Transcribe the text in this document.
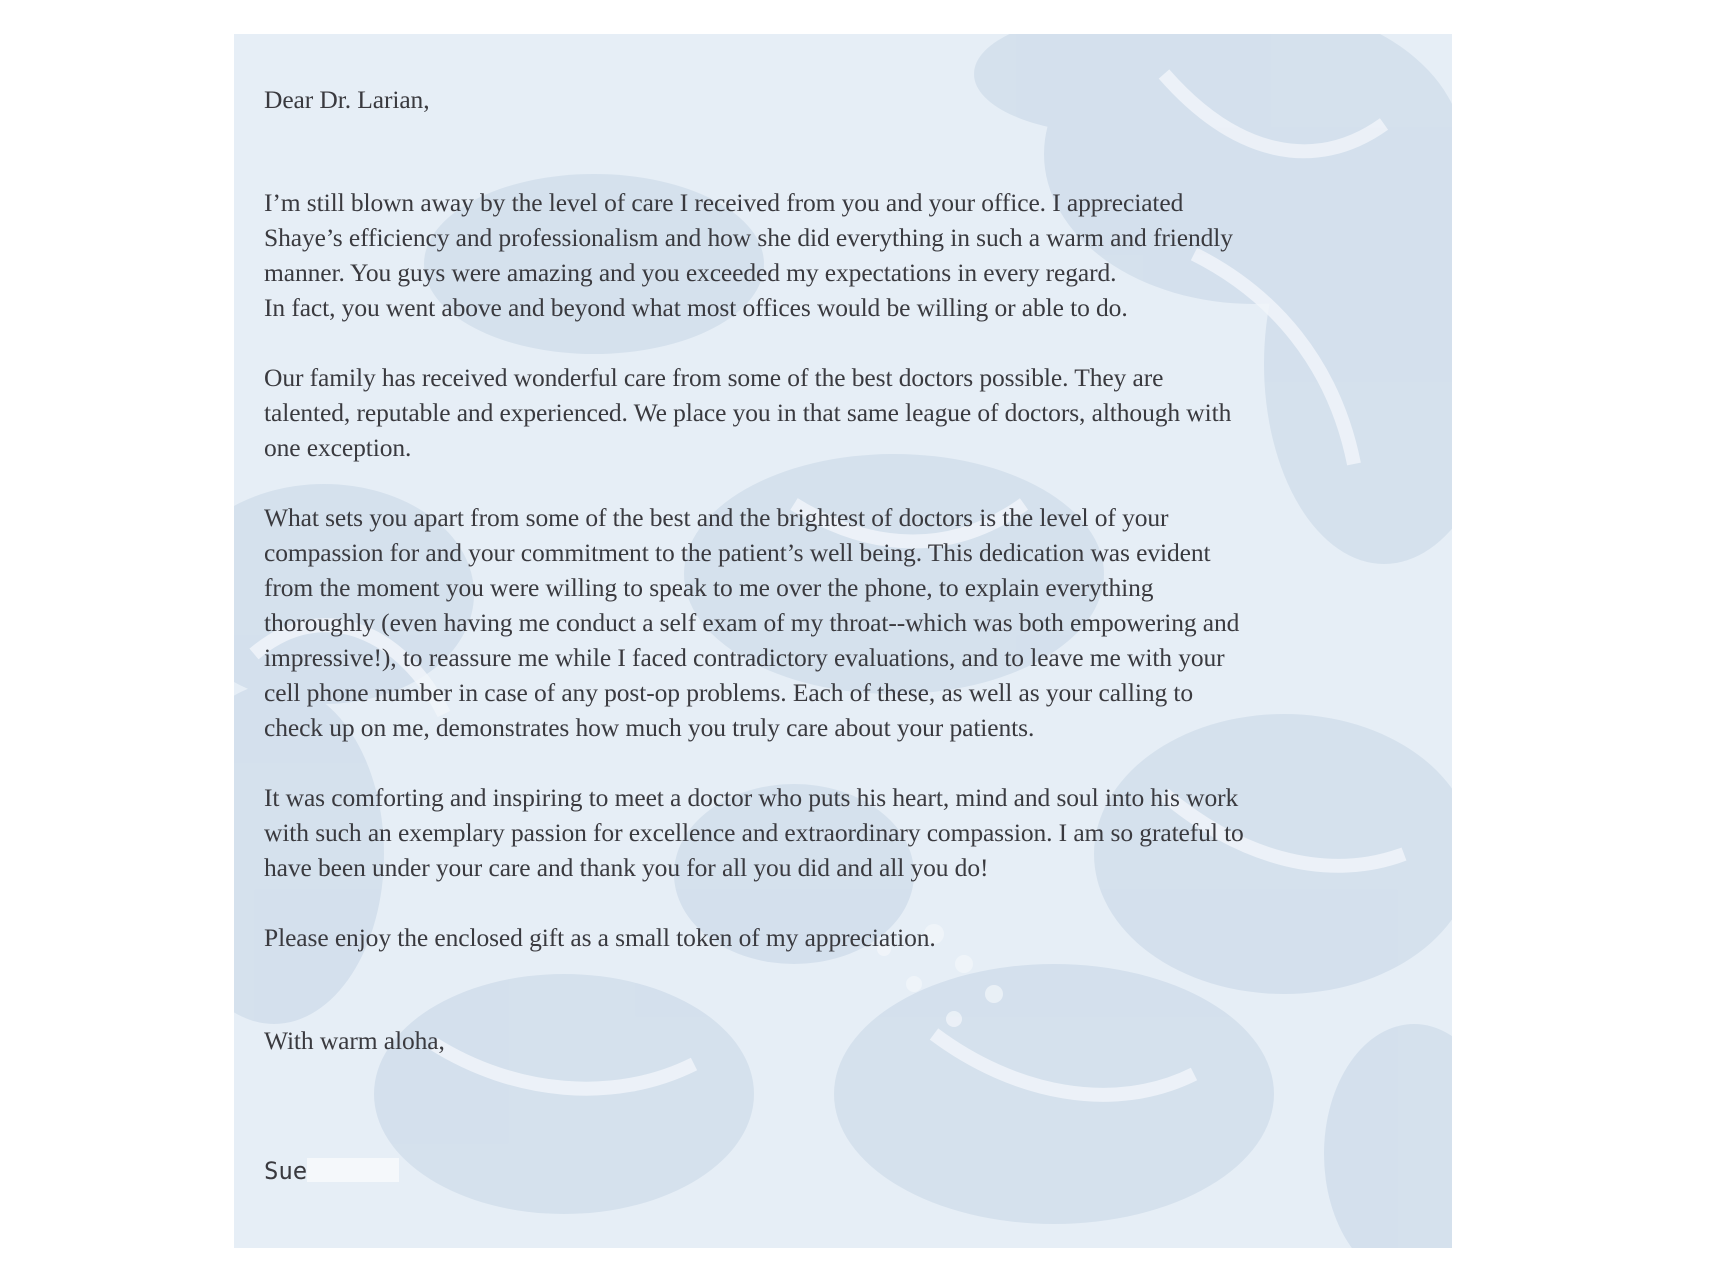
Dear Dr. Larian,
I’m still blown away by the level of care I received from you and your office. I appreciated
Shaye’s efficiency and professionalism and how she did everything in such a warm and friendly
manner. You guys were amazing and you exceeded my expectations in every regard.
In fact, you went above and beyond what most offices would be willing or able to do.
Our family has received wonderful care from some of the best doctors possible. They are
talented, reputable and experienced. We place you in that same league of doctors, although with
one exception.
What sets you apart from some of the best and the brightest of doctors is the level of your
compassion for and your commitment to the patient’s well being. This dedication was evident
from the moment you were willing to speak to me over the phone, to explain everything
thoroughly (even having me conduct a self exam of my throat--which was both empowering and
impressive!), to reassure me while I faced contradictory evaluations, and to leave me with your
cell phone number in case of any post-op problems. Each of these, as well as your calling to
check up on me, demonstrates how much you truly care about your patients.
It was comforting and inspiring to meet a doctor who puts his heart, mind and soul into his work
with such an exemplary passion for excellence and extraordinary compassion. I am so grateful to
have been under your care and thank you for all you did and all you do!
Please enjoy the enclosed gift as a small token of my appreciation.
With warm aloha,
Sue
